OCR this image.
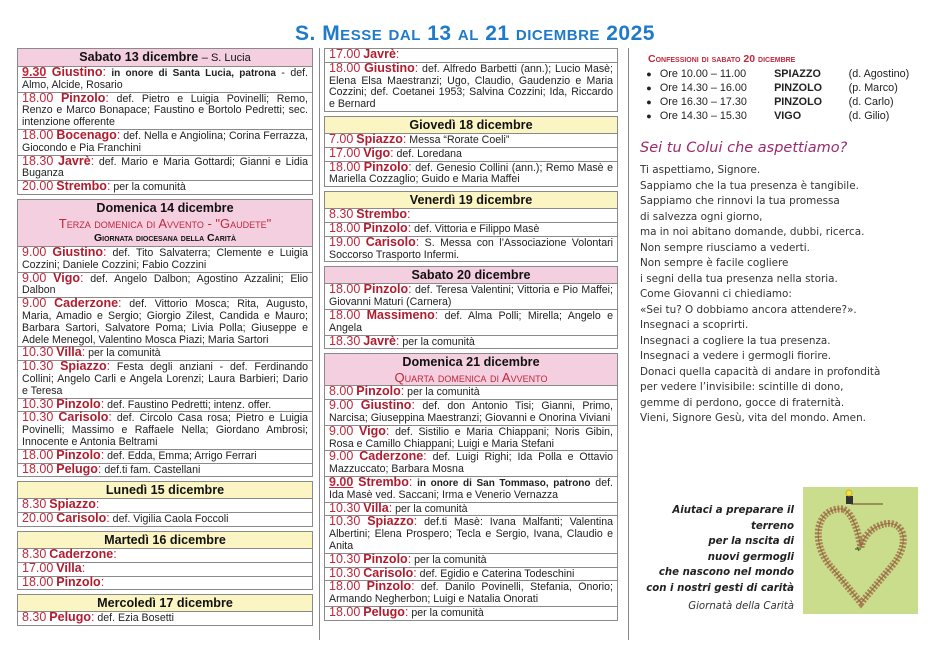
S. Messe dal 13 al 21 dicembre 2025
Sabato 13 dicembre – S. Lucia
9.30 Giustino: in onore di Santa Lucia, patrona - def. Almo, Alcide, Rosario
18.00 Pinzolo: def. Pietro e Luigia Povinelli; Remo, Renzo e Marco Bonapace; Faustino e Bortolo Pedretti; sec. intenzione offerente
18.00 Bocenago: def. Nella e Angiolina; Corina Ferrazza, Giocondo e Pia Franchini
18.30 Javrè: def. Mario e Maria Gottardi; Gianni e Lidia Buganza
20.00 Strembo: per la comunità
Domenica 14 dicembre
Terza domenica di Avvento - "Gaudete"
Giornata diocesana della Carità
9.00 Giustino: def. Tito Salvaterra; Clemente e Luigia Cozzini; Daniele Cozzini; Fabio Cozzini
9.00 Vigo: def. Angelo Dalbon; Agostino Azzalini; Elio Dalbon
9.00 Caderzone: def. Vittorio Mosca; Rita, Augusto, Maria, Amadio e Sergio; Giorgio Zilest, Candida e Mauro; Barbara Sartori, Salvatore Poma; Livia Polla; Giuseppe e Adele Menegol, Valentino Mosca Piazi; Maria Sartori
10.30 Villa: per la comunità
10.30 Spiazzo: Festa degli anziani - def. Ferdinando Collini; Angelo Carli e Angela Lorenzi; Laura Barbieri; Dario e Teresa
10.30 Pinzolo: def. Faustino Pedretti; intenz. offer.
10.30 Carisolo: def. Circolo Casa rosa; Pietro e Luigia Povinelli; Massimo e Raffaele Nella; Giordano Ambrosi; Innocente e Antonia Beltrami
18.00 Pinzolo: def. Edda, Emma; Arrigo Ferrari
18.00 Pelugo: def.ti fam. Castellani
Lunedì 15 dicembre
8.30 Spiazzo:
20.00 Carisolo: def. Vigilia Caola Foccoli
Martedì 16 dicembre
8.30 Caderzone:
17.00 Villa:
18.00 Pinzolo:
Mercoledì 17 dicembre
8.30 Pelugo: def. Ezia Bosetti
17.00 Javrè:
18.00 Giustino: def. Alfredo Barbetti (ann.); Lucio Masè; Elena Elsa Maestranzi; Ugo, Claudio, Gaudenzio e Maria Cozzini; def. Coetanei 1953; Salvina Cozzini; Ida, Riccardo e Bernard
Giovedì 18 dicembre
7.00 Spiazzo: Messa “Rorate Coeli”
17.00 Vigo: def. Loredana
18.00 Pinzolo: def. Genesio Collini (ann.); Remo Masè e Mariella Cozzaglio; Guido e Maria Maffei
Venerdì 19 dicembre
8.30 Strembo:
18.00 Pinzolo: def. Vittoria e Filippo Masè
19.00 Carisolo: S. Messa con l’Associazione Volontari Soccorso Trasporto Infermi.
Sabato 20 dicembre
18.00 Pinzolo: def. Teresa Valentini; Vittoria e Pio Maffei; Giovanni Maturi (Carnera)
18.00 Massimeno: def. Alma Polli; Mirella; Angelo e Angela
18.30 Javrè: per la comunità
Domenica 21 dicembre
Quarta domenica di Avvento
8.00 Pinzolo: per la comunità
9.00 Giustino: def. don Antonio Tisi; Gianni, Primo, Narcisa; Giuseppina Maestranzi; Giovanni e Onorina Viviani
9.00 Vigo: def. Sistilio e Maria Chiappani; Noris Gibin, Rosa e Camillo Chiappani; Luigi e Maria Stefani
9.00 Caderzone: def. Luigi Righi; Ida Polla e Ottavio Mazzuccato; Barbara Mosna
9.00 Strembo: in onore di San Tommaso, patrono def. Ida Masè ved. Saccani; Irma e Venerio Vernazza
10.30 Villa: per la comunità
10.30 Spiazzo: def.ti Masè: Ivana Malfanti; Valentina Albertini; Elena Prospero; Tecla e Sergio, Ivana, Claudio e Anita
10.30 Pinzolo: per la comunità
10.30 Carisolo: def. Egidio e Caterina Todeschini
18.00 Pinzolo: def. Danilo Povinelli, Stefania, Onorio; Armando Negherbon; Luigi e Natalia Onorati
18.00 Pelugo: per la comunità
Confessioni di sabato 20 dicembre
● Ore 10.00 – 11.00	SPIAZZO	(d. Agostino)
● Ore 14.30 – 16.00	PINZOLO	(p. Marco)
● Ore 16.30 – 17.30	PINZOLO	(d. Carlo)
● Ore 14.30 – 15.30	VIGO	(d. Gilio)
Sei tu Colui che aspettiamo?
Ti aspettiamo, Signore.
Sappiamo che la tua presenza è tangibile.
Sappiamo che rinnovi la tua promessa
di salvezza ogni giorno,
ma in noi abitano domande, dubbi, ricerca.
Non sempre riusciamo a vederti.
Non sempre è facile cogliere
i segni della tua presenza nella storia.
Come Giovanni ci chiediamo:
«Sei tu? O dobbiamo ancora attendere?».
Insegnaci a scoprirti.
Insegnaci a cogliere la tua presenza.
Insegnaci a vedere i germogli fiorire.
Donaci quella capacità di andare in profondità
per vedere l’invisibile: scintille di dono,
gemme di perdono, gocce di fraternità.
Vieni, Signore Gesù, vita del mondo. Amen.
Aiutaci a preparare il terreno
per la nscita di
nuovi germogli
che nascono nel mondo
con i nostri gesti di carità
Giornatà della Carità
